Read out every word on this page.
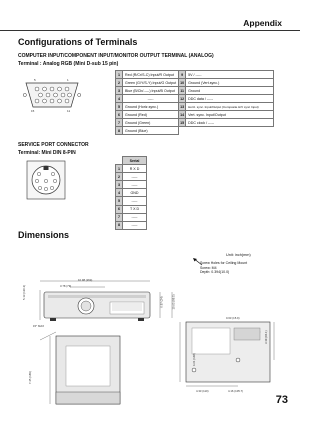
Appendix
Configurations of Terminals
COMPUTER INPUT/COMPONENT INPUT/MONITOR OUTPUT TERMINAL (ANALOG)
Terminal : Analog RGB (Mini D-sub 15 pin)
5	1
15	11
1	Red (R/Cr/S-C) Input/R Output	9	5V / -----
2	Green (G/Y/S-Y) Input/G Output	10	Ground (Vert.sync.)
3	Blue (B/Cb/-----) Input/B Output	11	Ground
4	-----	12	DDC data / -----
5	Ground (Horiz.sync.)	13	Horiz. sync. Input/Output (Composite H/V sync Input)
6	Ground (Red)	14	Vert. sync. Input/Output
7	Ground (Green)	15	DDC clock / -----
8	Ground (Blue)		
SERVICE PORT CONNECTOR
Terminal: Mini DIN 8-PIN
	Serial
1	R X D
2	-----
3	-----
4	GND
5	-----
6	T X D
7	-----
8	-----
Dimensions
Unit: inch(mm)
Screw Holes for Ceiling Mount
Screw: M4
Depth: 0.394(10.0)
10.98 (264)
3.78 (79)
0.97 (24)	10.63 (99.5)
5.13 (130.3)
15° MAX
7.45 (189)
0.63 (15.9)
6.61 (168)
3.39 (86.1)
4.33 (110)	4.16 (105.7)
73
